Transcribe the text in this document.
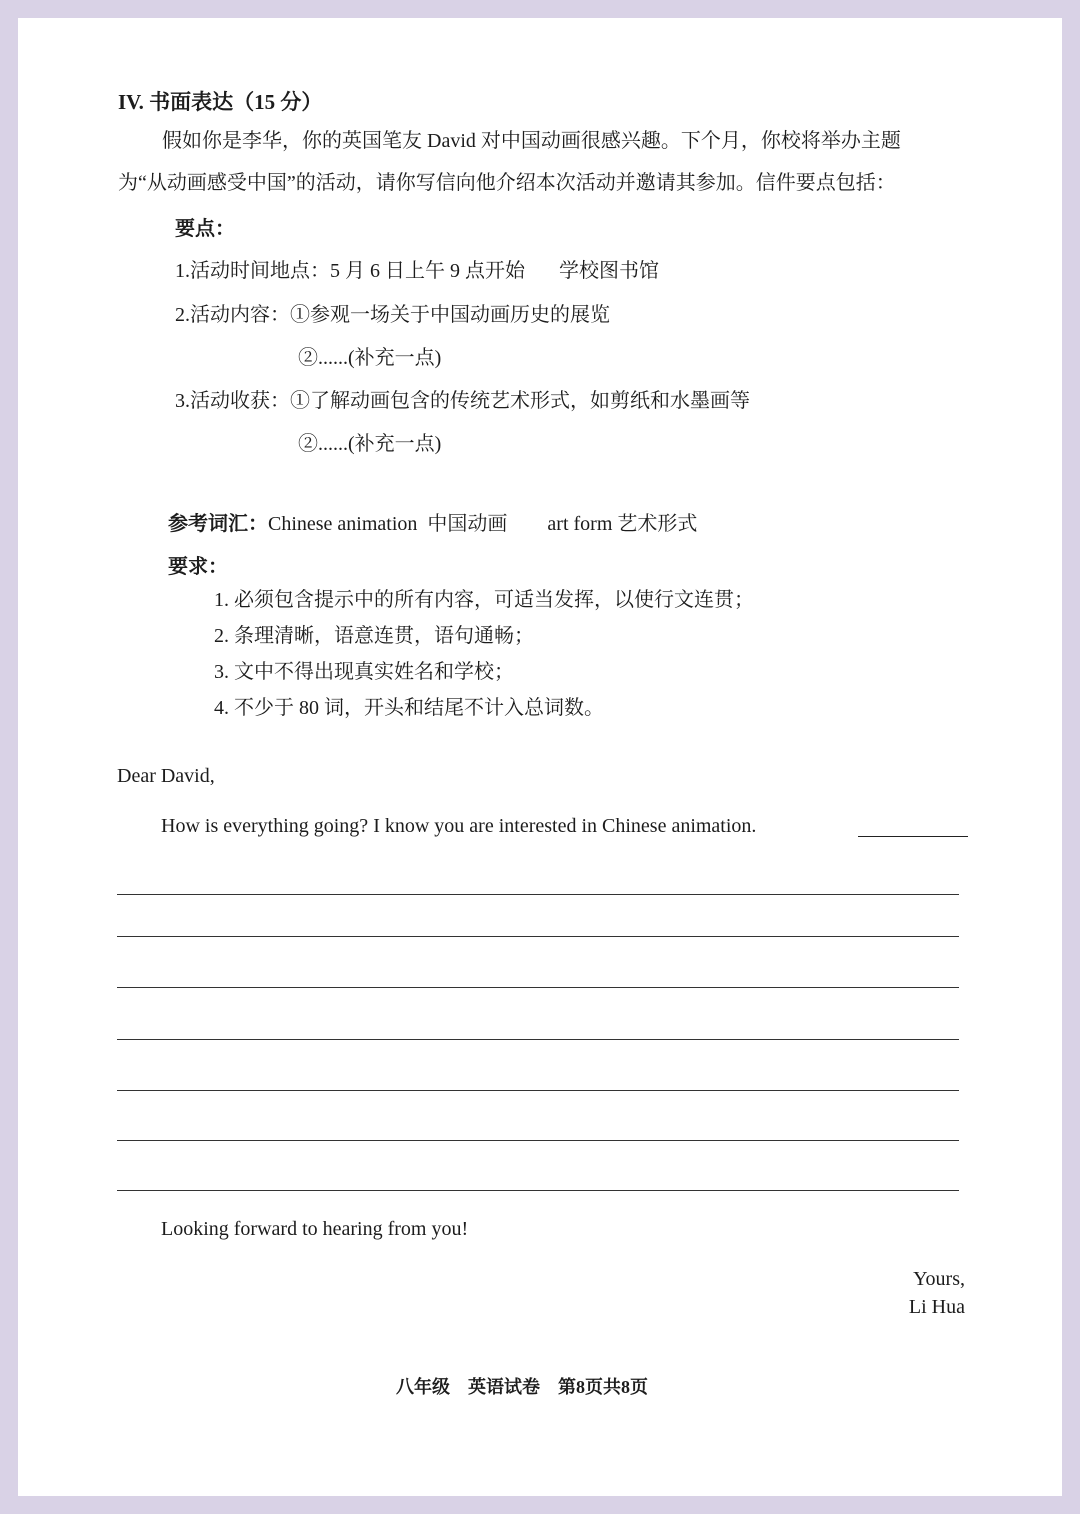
IV. 书面表达（15 分）
假如你是李华，你的英国笔友 David 对中国动画很感兴趣。下个月，你校将举办主题
为“从动画感受中国”的活动，请你写信向他介绍本次活动并邀请其参加。信件要点包括：
要点：
1.活动时间地点：5 月 6 日上午 9 点开始 学校图书馆
2.活动内容：①参观一场关于中国动画历史的展览
②......(补充一点)
3.活动收获：①了解动画包含的传统艺术形式，如剪纸和水墨画等
②......(补充一点)
参考词汇：Chinese animation 中国动画 art form 艺术形式
要求：
1. 必须包含提示中的所有内容，可适当发挥，以使行文连贯；
2. 条理清晰，语意连贯，语句通畅；
3. 文中不得出现真实姓名和学校；
4. 不少于 80 词，开头和结尾不计入总词数。
Dear David,
How is everything going? I know you are interested in Chinese animation.
Looking forward to hearing from you!
Yours,
Li Hua
八年级 英语试卷 第8页共8页
